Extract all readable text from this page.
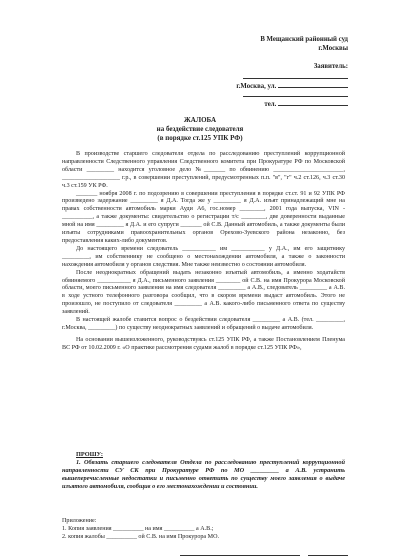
В Мещанский районный суд
г.Москвы
Заявитель:
г.Москва, ул.
тел.
ЖАЛОБА
на бездействие следователя
(в порядке ст.125 УПК РФ)

В производстве старшего следователя отдела по расследованию преступлений коррупционной направленности Следственного управления Следственного комитета при Прокуратуре РФ по Московской области _________ находится уголовное дело №_______ по обвинению _______________________, ___________________ г.р., в совершении преступлений, предусмотренных п.п. "в", "г" ч.2 ст.126, ч.3 ст.30 ч.3 ст.159 УК РФ.

_______ ноября 2008 г. по подозрению в совершении преступления в порядке ст.ст. 91 и 92 УПК РФ произведено задержание _________ я Д.А. Тогда же у _________ я Д.А. изъят принадлежащий мне на правах собственности автомобиль марки Ауди А6, гос.номер ________, 2001 года выпуска, VIN - __________, а также документы: свидетельство о регистрации т/с ________, две доверенности выданные мной на имя _________ я Д.А. и его супруги _______ ой С.В. Данный автомобиль, а также документы были изъяты сотрудниками правоохранительных органов Орехово-Зуевского района незаконно, без предоставления каких-либо документов.

До настоящего времени следователь ___________ им ___________ у Д.А., им его защитнику _________, им собственнику не сообщено о местонахождении автомобиля, а также о законности нахождения автомобиля у органов следствия. Мне также неизвестно о состоянии автомобиля.

После неоднократных обращений выдать незаконно изъятый автомобиль, а именно ходатайств обвиняемого ___________ я Д.А., письменного заявления ________ ой С.В. на имя Прокурора Московской области, моего письменного заявления на имя следователя _________ а А.В., следователь _________ а А.В. в ходе устного телефонного разговора сообщил, что в скором времени выдаст автомобиль. Этого не произошло, не поступило от следователя _________ а А.В. какого-либо письменного ответа по существу заявлений.

В настоящей жалобе ставится вопрос о бездействии следователя _________ а А.В. (тел. _________, г.Москва, _________) по существу неоднократных заявлений и обращений о выдаче автомобиля.

На основании вышеизложенного, руководствуясь ст.125 УПК РФ, а также Постановлением Пленума ВС РФ от 10.02.2009 г. «О практике рассмотрения судами жалоб в порядке ст.125 УПК РФ»,

ПРОШУ:

1. Обязать старшего следователя Отдела по расследованию преступлений коррупционной направленности СУ СК при Прокуратуре РФ по МО _________ а А.В. устранить вышеперечисленные недостатки и письменно ответить по существу моего заявления о выдаче изъятого автомобиля, сообщив о его местонахождении и состоянии.

Приложение:
1. Копия заявления __________ на имя __________ а А.В.;
2. копия жалобы __________ ой С.В. на имя Прокурора МО.
